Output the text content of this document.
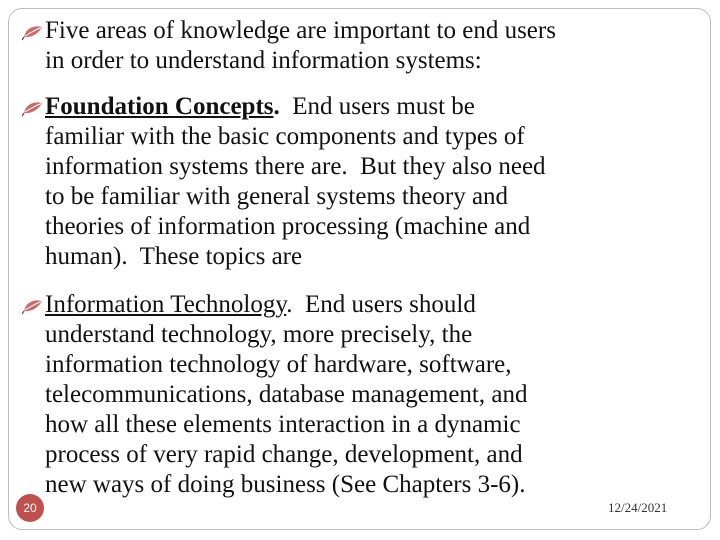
Five areas of knowledge are important to end users
in order to understand information systems:
Foundation Concepts.  End users must be
familiar with the basic components and types of
information systems there are.  But they also need
to be familiar with general systems theory and
theories of information processing (machine and
human).  These topics are
Information Technology.  End users should
understand technology, more precisely, the
information technology of hardware, software,
telecommunications, database management, and
how all these elements interaction in a dynamic
process of very rapid change, development, and
new ways of doing business (See Chapters 3-6).
20	12/24/2021
